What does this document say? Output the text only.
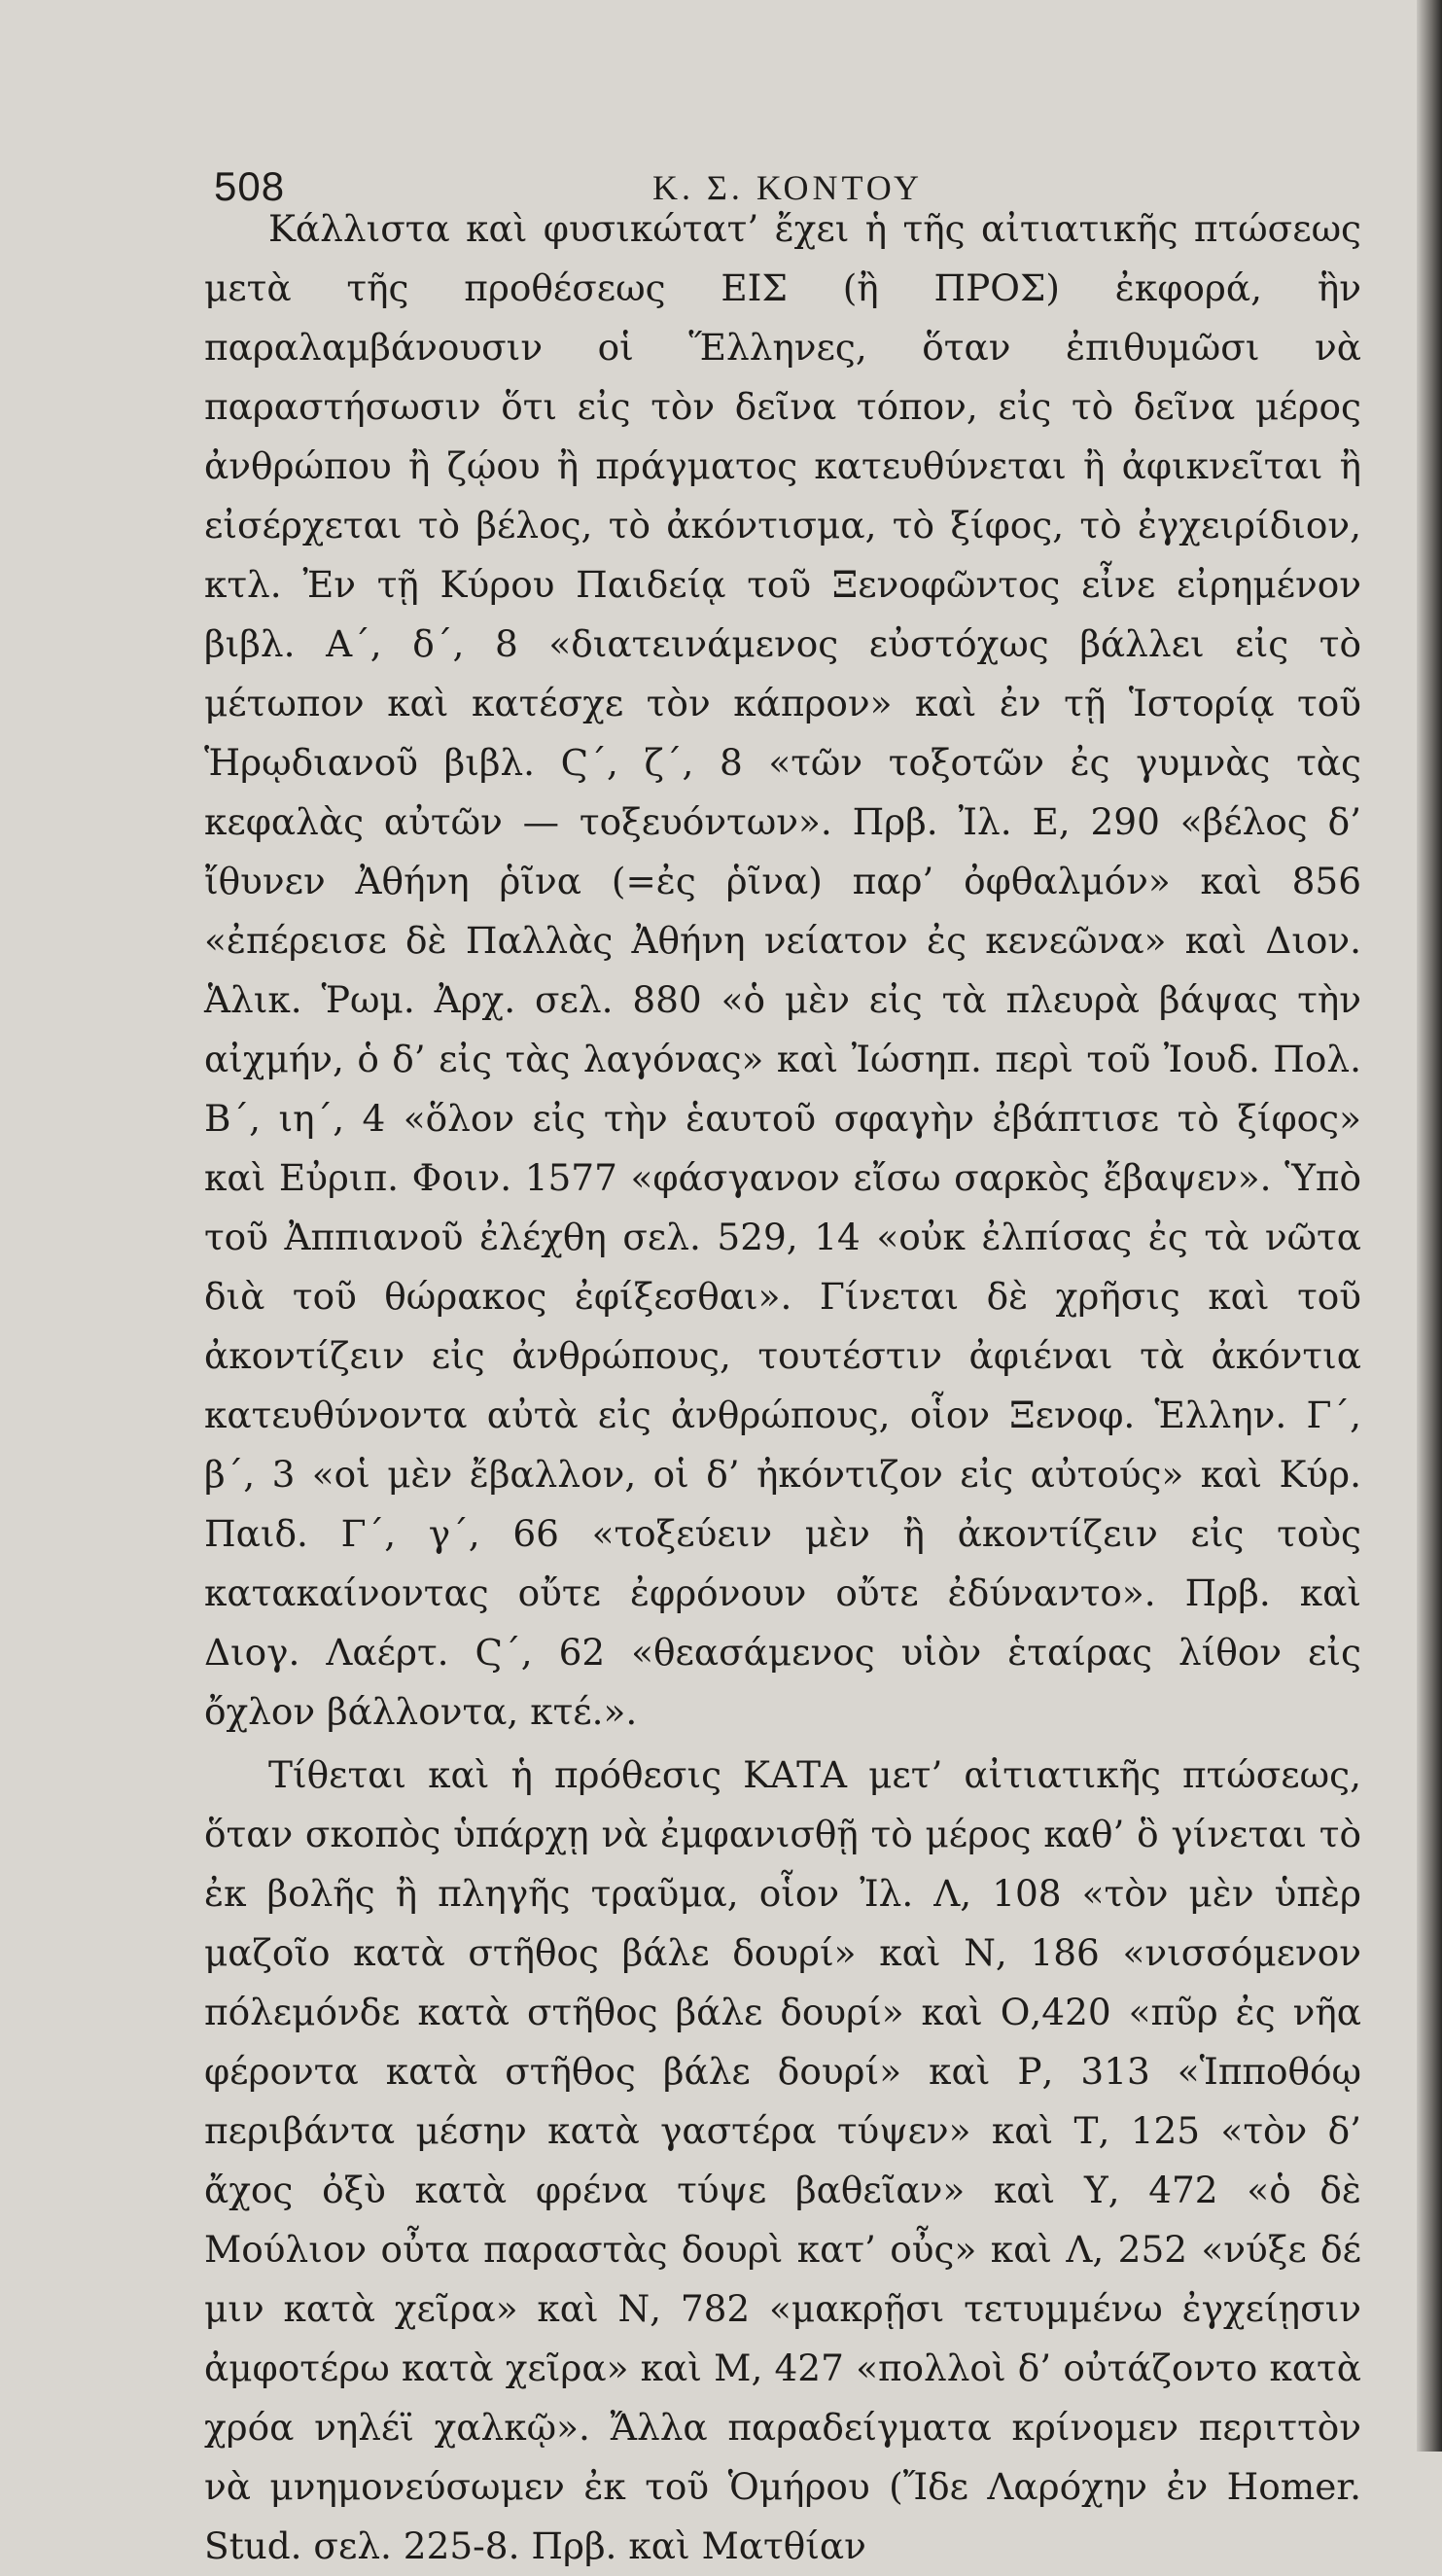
508	Κ. Σ. ΚΟΝΤΟΥ

Κάλλιστα καὶ φυσικώτατ’ ἔχει ἡ τῆς αἰτιατικῆς πτώσεως μετὰ τῆς προθέσεως ΕΙΣ (ἢ ΠΡΟΣ) ἐκφορά, ἣν παραλαμβάνουσιν οἱ Ἕλληνες, ὅταν ἐπιθυμῶσι νὰ παραστήσωσιν ὅτι εἰς τὸν δεῖνα τόπον, εἰς τὸ δεῖνα μέρος ἀνθρώπου ἢ ζῴου ἢ πράγματος κατευθύνεται ἢ ἀφικνεῖται ἢ εἰσέρχεται τὸ βέλος, τὸ ἀκόντισμα, τὸ ξίφος, τὸ ἐγχειρίδιον, κτλ. Ἐν τῇ Κύρου Παιδείᾳ τοῦ Ξενοφῶντος εἶνε εἰρημένον βιβλ. Α΄, δ΄, 8 «διατεινάμενος εὐστόχως βάλλει εἰς τὸ μέτωπον καὶ κατέσχε τὸν κάπρον» καὶ ἐν τῇ Ἱστορίᾳ τοῦ Ἡρῳδιανοῦ βιβλ. Ϛ΄, ζ΄, 8 «τῶν τοξοτῶν ἐς γυμνὰς τὰς κεφαλὰς αὐτῶν — τοξευόντων». Πρβ. Ἰλ. Ε, 290 «βέλος δ’ ἴθυνεν Ἀθήνη ῥῖνα (=ἐς ῥῖνα) παρ’ ὀφθαλμόν» καὶ 856 «ἐπέρεισε δὲ Παλλὰς Ἀθήνη νείατον ἐς κενεῶνα» καὶ Διον. Ἁλικ. Ῥωμ. Ἀρχ. σελ. 880 «ὁ μὲν εἰς τὰ πλευρὰ βάψας τὴν αἰχμήν, ὁ δ’ εἰς τὰς λαγόνας» καὶ Ἰώσηπ. περὶ τοῦ Ἰουδ. Πολ. Β΄, ιη΄, 4 «ὅλον εἰς τὴν ἑαυτοῦ σφαγὴν ἐβάπτισε τὸ ξίφος» καὶ Εὐριπ. Φοιν. 1577 «φάσγανον εἴσω σαρκὸς ἔβαψεν». Ὑπὸ τοῦ Ἀππιανοῦ ἐλέχθη σελ. 529, 14 «οὐκ ἐλπίσας ἐς τὰ νῶτα διὰ τοῦ θώρακος ἐφίξεσθαι». Γίνεται δὲ χρῆσις καὶ τοῦ ἀκοντίζειν εἰς ἀνθρώπους, τουτέστιν ἀφιέναι τὰ ἀκόντια κατευθύνοντα αὐτὰ εἰς ἀνθρώπους, οἷον Ξενοφ. Ἑλλην. Γ΄, β΄, 3 «οἱ μὲν ἔβαλλον, οἱ δ’ ἠκόντιζον εἰς αὐτούς» καὶ Κύρ. Παιδ. Γ΄, γ΄, 66 «τοξεύειν μὲν ἢ ἀκοντίζειν εἰς τοὺς κατακαίνοντας οὔτε ἐφρόνουν οὔτε ἐδύναντο». Πρβ. καὶ Διογ. Λαέρτ. Ϛ΄, 62 «θεασάμενος υἱὸν ἑταίρας λίθον εἰς ὄχλον βάλλοντα, κτέ.».

Τίθεται καὶ ἡ πρόθεσις ΚΑΤΑ μετ’ αἰτιατικῆς πτώσεως, ὅταν σκοπὸς ὑπάρχῃ νὰ ἐμφανισθῇ τὸ μέρος καθ’ ὃ γίνεται τὸ ἐκ βολῆς ἢ πληγῆς τραῦμα, οἷον Ἰλ. Λ, 108 «τὸν μὲν ὑπὲρ μαζοῖο κατὰ στῆθος βάλε δουρί» καὶ Ν, 186 «νισσόμενον πόλεμόνδε κατὰ στῆθος βάλε δουρί» καὶ Ο,420 «πῦρ ἐς νῆα φέροντα κατὰ στῆθος βάλε δουρί» καὶ Ρ, 313 «Ἱπποθόῳ περιβάντα μέσην κατὰ γαστέρα τύψεν» καὶ Τ, 125 «τὸν δ’ ἄχος ὀξὺ κατὰ φρένα τύψε βαθεῖαν» καὶ Υ, 472 «ὁ δὲ Μούλιον οὖτα παραστὰς δουρὶ κατ’ οὖς» καὶ Λ, 252 «νύξε δέ μιν κατὰ χεῖρα» καὶ Ν, 782 «μακρῇσι τετυμμένω ἐγχείῃσιν ἀμφοτέρω κατὰ χεῖρα» καὶ Μ, 427 «πολλοὶ δ’ οὐτάζοντο κατὰ χρόα νηλέϊ χαλκῷ». Ἄλλα παραδείγματα κρίνομεν περιττὸν νὰ μνημονεύσωμεν ἐκ τοῦ Ὁμήρου (Ἴδε Λαρόχην ἐν Homer. Stud. σελ. 225-8. Πρβ. καὶ Ματθίαν
